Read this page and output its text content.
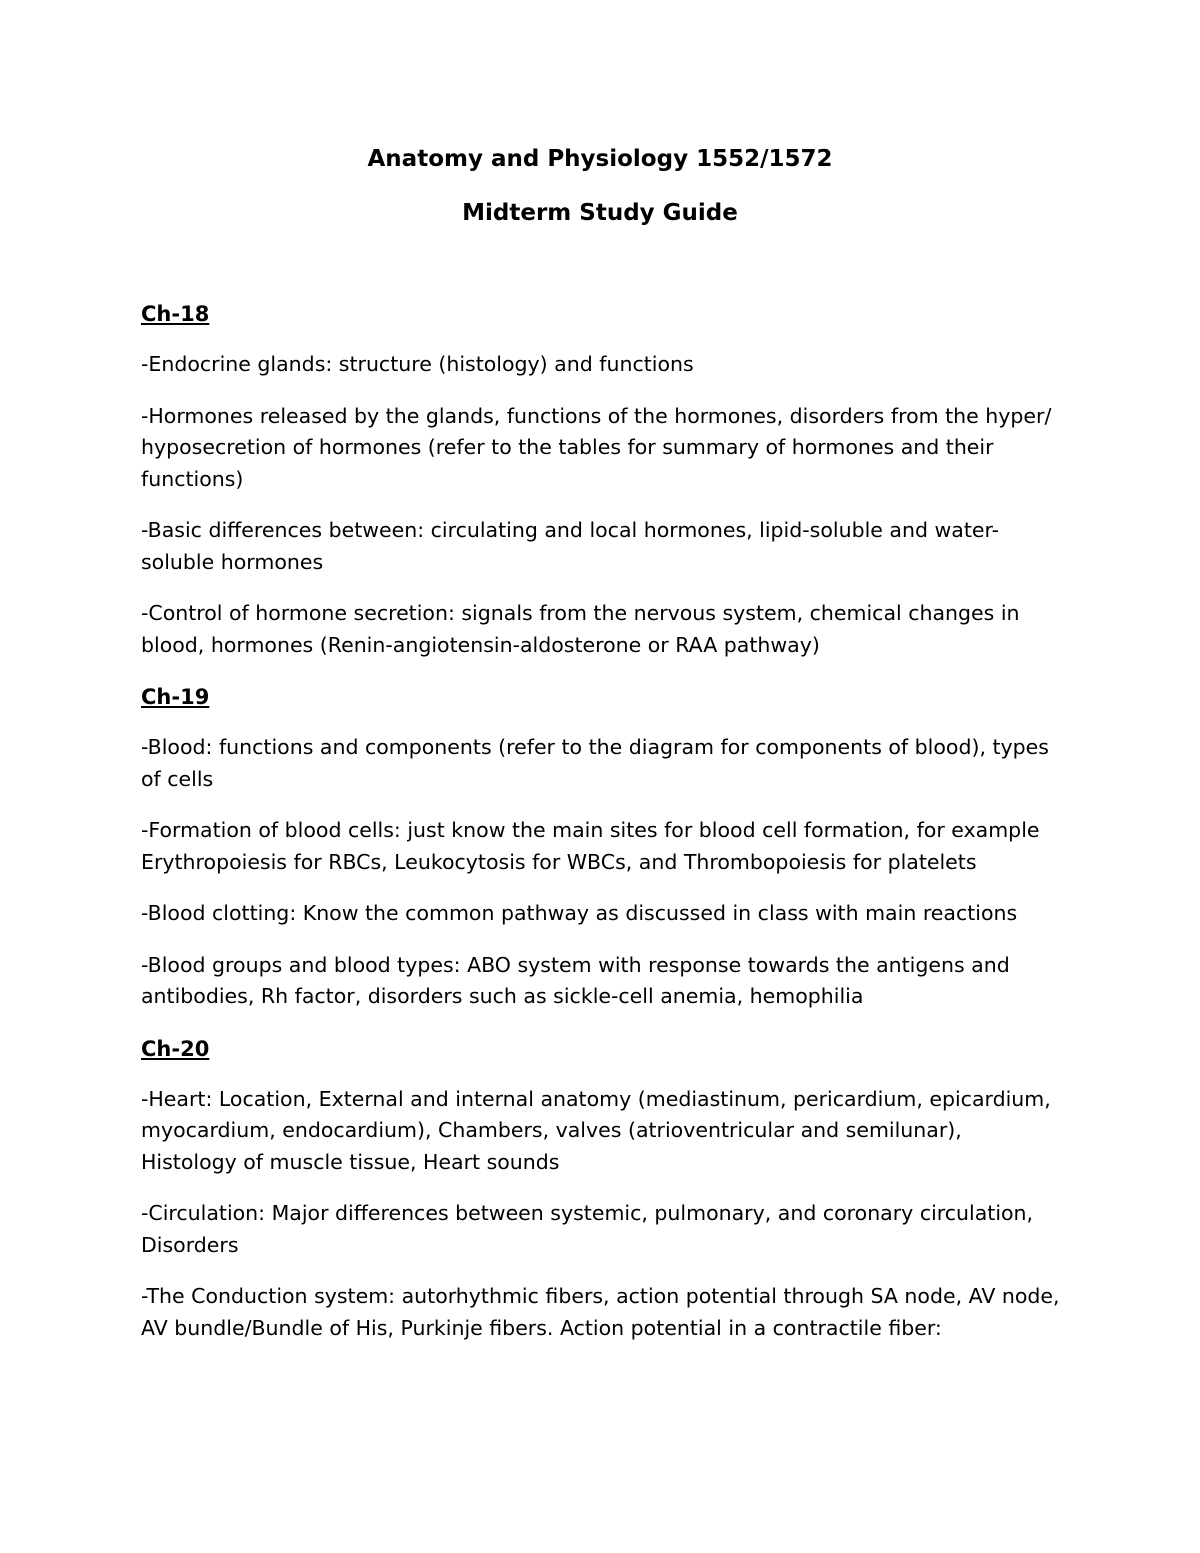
Anatomy and Physiology 1552/1572
Midterm Study Guide

Ch-18

-Endocrine glands: structure (histology) and functions

-Hormones released by the glands, functions of the hormones, disorders from the hyper/ hyposecretion of hormones (refer to the tables for summary of hormones and their functions)

-Basic differences between: circulating and local hormones, lipid-soluble and water-soluble hormones

-Control of hormone secretion: signals from the nervous system, chemical changes in blood, hormones (Renin-angiotensin-aldosterone or RAA pathway)

Ch-19

-Blood: functions and components (refer to the diagram for components of blood), types of cells

-Formation of blood cells: just know the main sites for blood cell formation, for example Erythropoiesis for RBCs, Leukocytosis for WBCs, and Thrombopoiesis for platelets

-Blood clotting: Know the common pathway as discussed in class with main reactions

-Blood groups and blood types: ABO system with response towards the antigens and antibodies, Rh factor, disorders such as sickle-cell anemia, hemophilia

Ch-20

-Heart: Location, External and internal anatomy (mediastinum, pericardium, epicardium, myocardium, endocardium), Chambers, valves (atrioventricular and semilunar), Histology of muscle tissue, Heart sounds

-Circulation: Major differences between systemic, pulmonary, and coronary circulation, Disorders

-The Conduction system: autorhythmic fibers, action potential through SA node, AV node, AV bundle/Bundle of His, Purkinje fibers. Action potential in a contractile fiber:
